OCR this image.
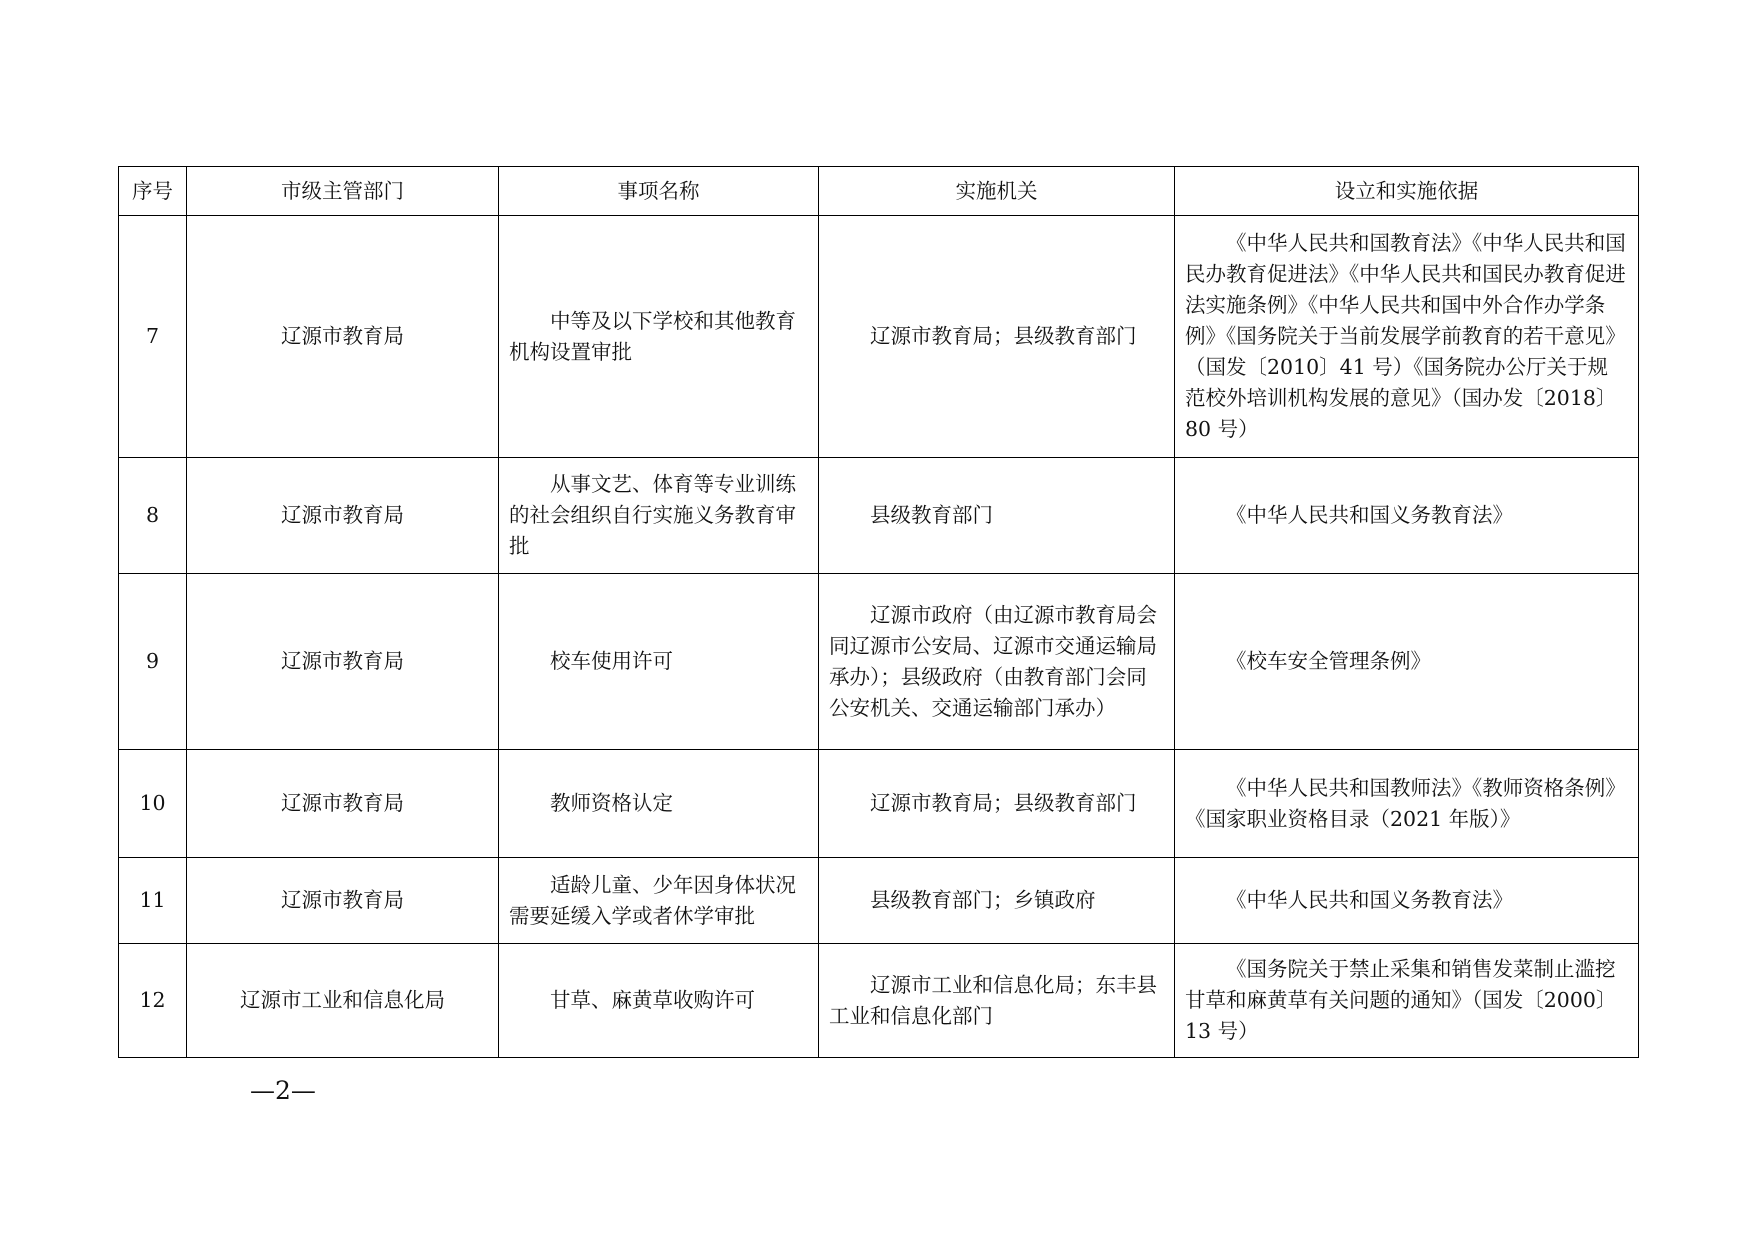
序号	市级主管部门	事项名称	实施机关	设立和实施依据
7	辽源市教育局	中等及以下学校和其他教育机构设置审批	辽源市教育局；县级教育部门	《中华人民共和国教育法》《中华人民共和国民办教育促进法》《中华人民共和国民办教育促进法实施条例》《中华人民共和国中外合作办学条例》《国务院关于当前发展学前教育的若干意见》（国发〔2010〕41 号）《国务院办公厅关于规范校外培训机构发展的意见》（国办发〔2018〕80 号）

8	辽源市教育局	从事文艺、体育等专业训练的社会组织自行实施义务教育审批	县级教育部门	《中华人民共和国义务教育法》

9	辽源市教育局	校车使用许可	辽源市政府（由辽源市教育局会同辽源市公安局、辽源市交通运输局承办）；县级政府（由教育部门会同公安机关、交通运输部门承办）	《校车安全管理条例》

10	辽源市教育局	教师资格认定	辽源市教育局；县级教育部门	《中华人民共和国教师法》《教师资格条例》《国家职业资格目录（2021 年版）》

11	辽源市教育局	适龄儿童、少年因身体状况需要延缓入学或者休学审批	县级教育部门；乡镇政府	《中华人民共和国义务教育法》

12	辽源市工业和信息化局	甘草、麻黄草收购许可	辽源市工业和信息化局；东丰县工业和信息化部门	《国务院关于禁止采集和销售发菜制止滥挖甘草和麻黄草有关问题的通知》（国发〔2000〕13 号）
—2—
